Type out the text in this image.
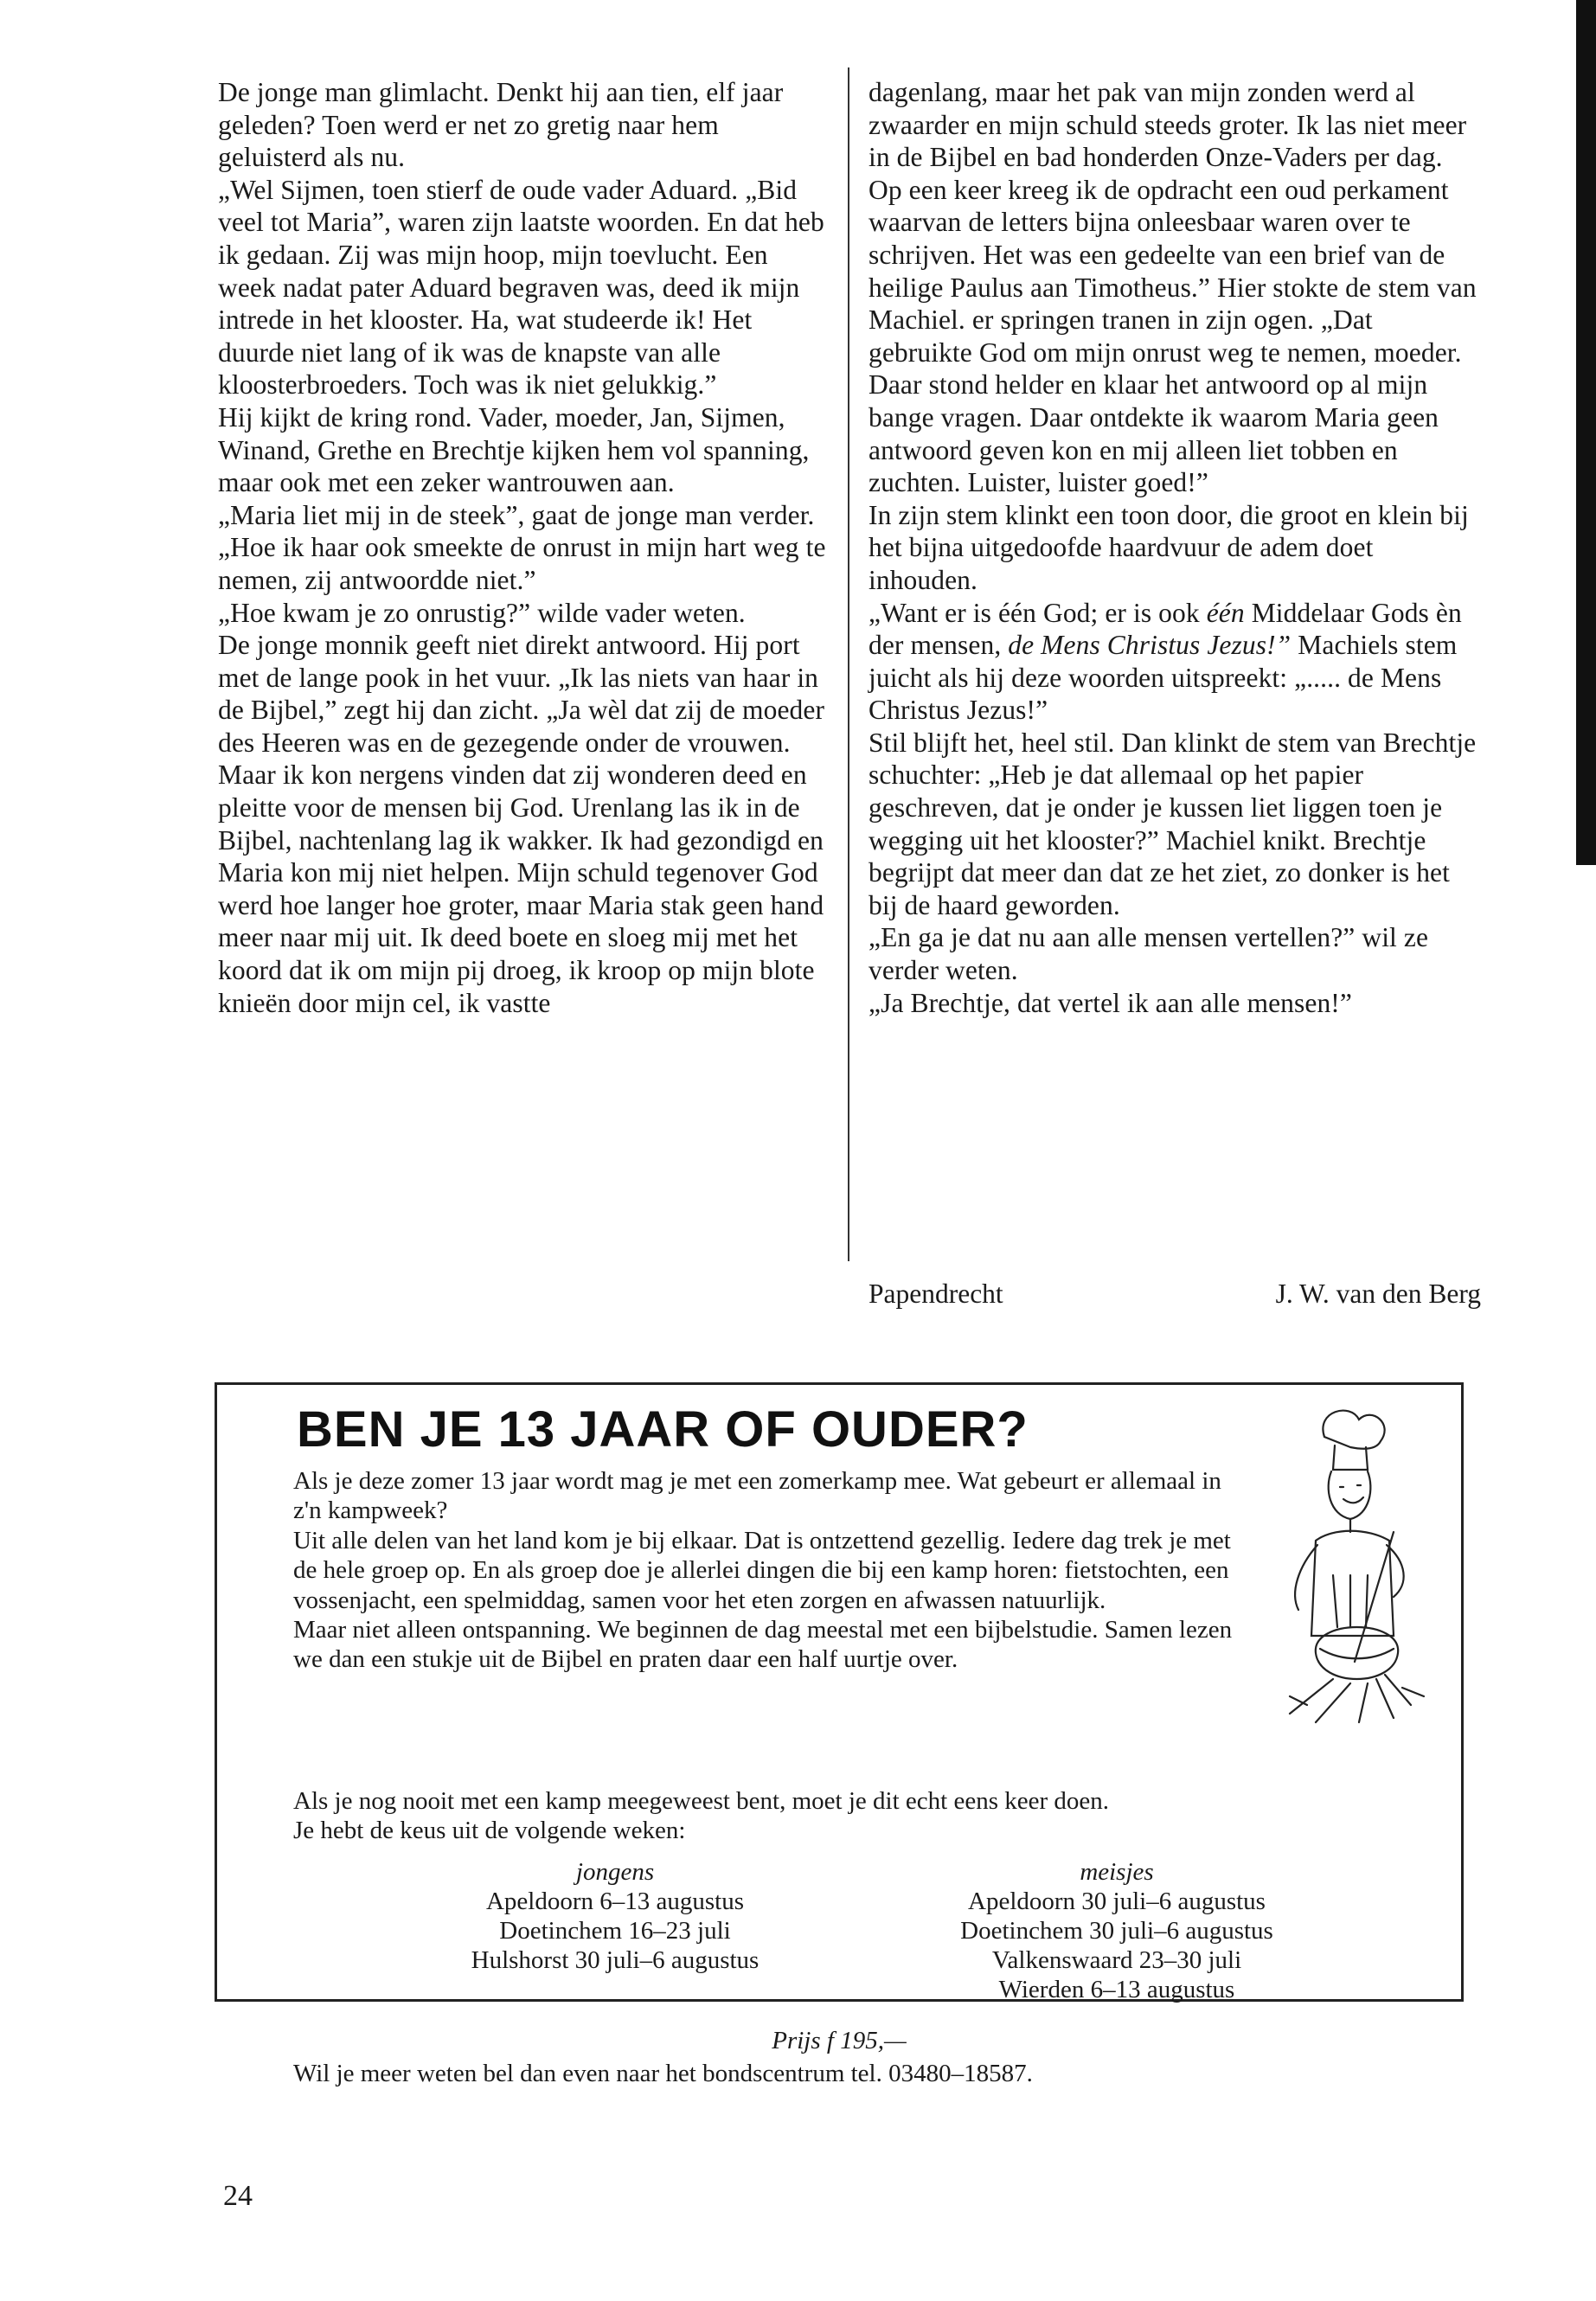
De jonge man glimlacht. Denkt hij aan tien, elf jaar geleden? Toen werd er net zo gretig naar hem geluisterd als nu.

„Wel Sijmen, toen stierf de oude vader Aduard. „Bid veel tot Maria”, waren zijn laatste woorden. En dat heb ik gedaan. Zij was mijn hoop, mijn toevlucht. Een week nadat pater Aduard begraven was, deed ik mijn intrede in het klooster. Ha, wat studeerde ik! Het duurde niet lang of ik was de knapste van alle kloosterbroeders. Toch was ik niet gelukkig.”

Hij kijkt de kring rond. Vader, moeder, Jan, Sijmen, Winand, Grethe en Brechtje kijken hem vol spanning, maar ook met een zeker wantrouwen aan.

„Maria liet mij in de steek”, gaat de jonge man verder.„Hoe ik haar ook smeekte de onrust in mijn hart weg te nemen, zij antwoordde niet.”

„Hoe kwam je zo onrustig?” wilde vader weten.

De jonge monnik geeft niet direkt antwoord. Hij port met de lange pook in het vuur. „Ik las niets van haar in de Bijbel,” zegt hij dan zicht. „Ja wèl dat zij de moeder des Heeren was en de gezegende onder de vrouwen. Maar ik kon nergens vinden dat zij wonderen deed en pleitte voor de mensen bij God. Urenlang las ik in de Bijbel, nachtenlang lag ik wakker. Ik had gezondigd en Maria kon mij niet helpen. Mijn schuld tegenover God werd hoe langer hoe groter, maar Maria stak geen hand meer naar mij uit. Ik deed boete en sloeg mij met het koord dat ik om mijn pij droeg, ik kroop op mijn blote knieën door mijn cel, ik vastte

dagenlang, maar het pak van mijn zonden werd al zwaarder en mijn schuld steeds groter. Ik las niet meer in de Bijbel en bad honderden Onze-Vaders per dag. Op een keer kreeg ik de opdracht een oud perkament waarvan de letters bijna onleesbaar waren over te schrijven. Het was een gedeelte van een brief van de heilige Paulus aan Timotheus.” Hier stokte de stem van Machiel. er springen tranen in zijn ogen. „Dat gebruikte God om mijn onrust weg te nemen, moeder. Daar stond helder en klaar het antwoord op al mijn bange vragen. Daar ontdekte ik waarom Maria geen antwoord geven kon en mij alleen liet tobben en zuchten. Luister, luister goed!”

In zijn stem klinkt een toon door, die groot en klein bij het bijna uitgedoofde haardvuur de adem doet inhouden.

„Want er is één God; er is ook één Middelaar Gods èn der mensen, de Mens Christus Jezus!” Machiels stem juicht als hij deze woorden uitspreekt: „..... de Mens Christus Jezus!”

Stil blijft het, heel stil. Dan klinkt de stem van Brechtje schuchter: „Heb je dat allemaal op het papier geschreven, dat je onder je kussen liet liggen toen je wegging uit het klooster?” Machiel knikt. Brechtje begrijpt dat meer dan dat ze het ziet, zo donker is het bij de haard geworden.

„En ga je dat nu aan alle mensen vertellen?” wil ze verder weten.

„Ja Brechtje, dat vertel ik aan alle mensen!”

Papendrecht	J. W. van den Berg
BEN JE 13 JAAR OF OUDER?

Als je deze zomer 13 jaar wordt mag je met een zomerkamp mee. Wat gebeurt er allemaal in z'n kampweek?

Uit alle delen van het land kom je bij elkaar. Dat is ontzettend gezellig. Iedere dag trek je met de hele groep op. En als groep doe je allerlei dingen die bij een kamp horen: fietstochten, een vossenjacht, een spelmiddag, samen voor het eten zorgen en afwassen natuurlijk.

Maar niet alleen ontspanning. We beginnen de dag meestal met een bijbelstudie. Samen lezen we dan een stukje uit de Bijbel en praten daar een half uurtje over.

Als je nog nooit met een kamp meegeweest bent, moet je dit echt eens keer doen.

Je hebt de keus uit de volgende weken:

jongens
Apeldoorn 6–13 augustus
Doetinchem 16–23 juli
Hulshorst 30 juli–6 augustus
meisjes
Apeldoorn 30 juli–6 augustus
Doetinchem 30 juli–6 augustus
Valkenswaard 23–30 juli
Wierden 6–13 augustus
Prijs f 195,—
Wil je meer weten bel dan even naar het bondscentrum tel. 03480–18587.
24
